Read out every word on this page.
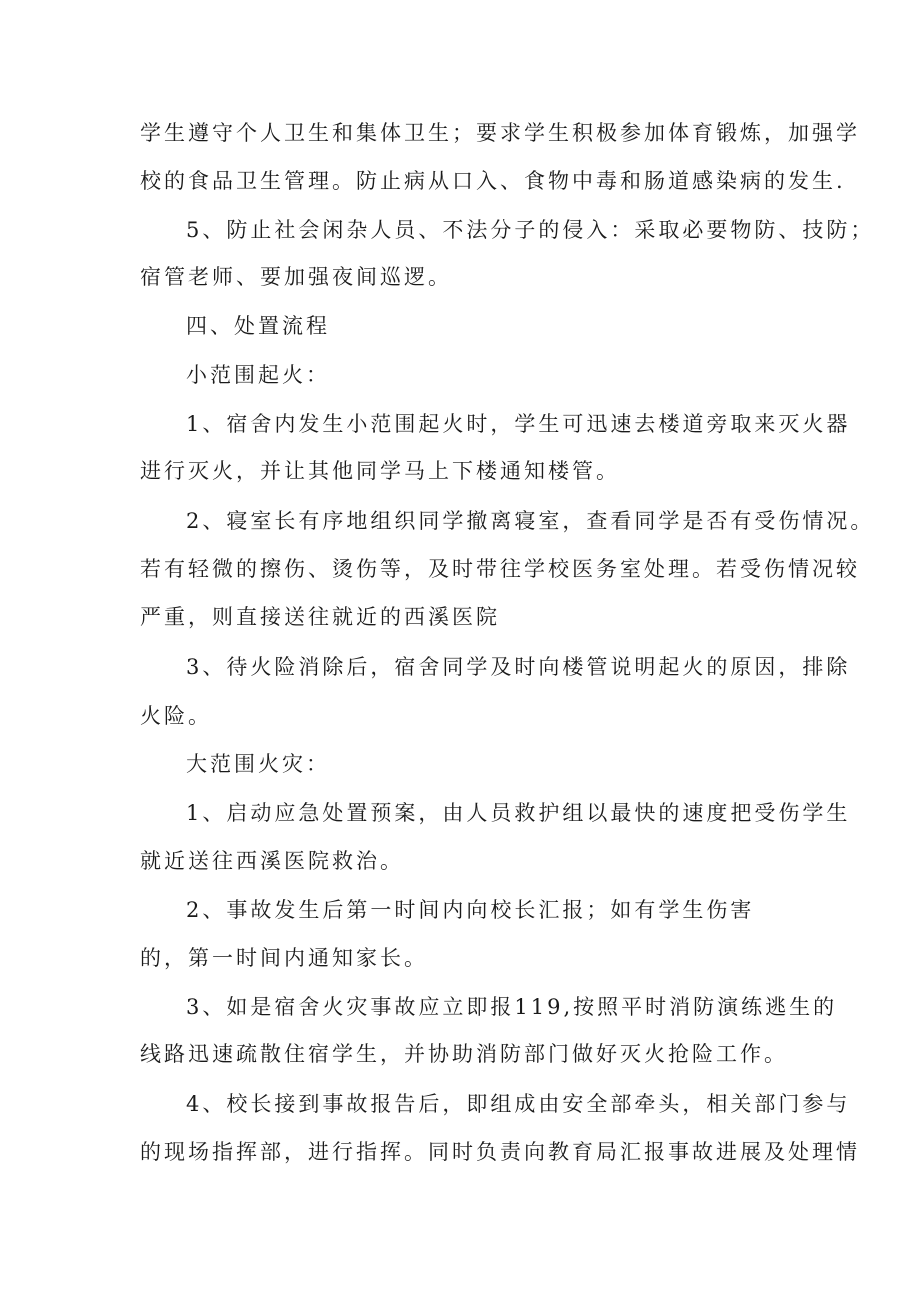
学生遵守个人卫生和集体卫生；要求学生积极参加体育锻炼，加强学
校的食品卫生管理。防止病从口入、食物中毒和肠道感染病的发生.
5、防止社会闲杂人员、不法分子的侵入：采取必要物防、技防；
宿管老师、要加强夜间巡逻。
四、处置流程
小范围起火：
1、宿舍内发生小范围起火时，学生可迅速去楼道旁取来灭火器
进行灭火，并让其他同学马上下楼通知楼管。
2、寝室长有序地组织同学撤离寝室，查看同学是否有受伤情况。
若有轻微的擦伤、烫伤等，及时带往学校医务室处理。若受伤情况较
严重，则直接送往就近的西溪医院
3、待火险消除后，宿舍同学及时向楼管说明起火的原因，排除
火险。
大范围火灾：
1、启动应急处置预案，由人员救护组以最快的速度把受伤学生
就近送往西溪医院救治。
2、事故发生后第一时间内向校长汇报；如有学生伤害
的，第一时间内通知家长。
3、如是宿舍火灾事故应立即报119,按照平时消防演练逃生的
线路迅速疏散住宿学生，并协助消防部门做好灭火抢险工作。
4、校长接到事故报告后，即组成由安全部牵头，相关部门参与
的现场指挥部，进行指挥。同时负责向教育局汇报事故进展及处理情
